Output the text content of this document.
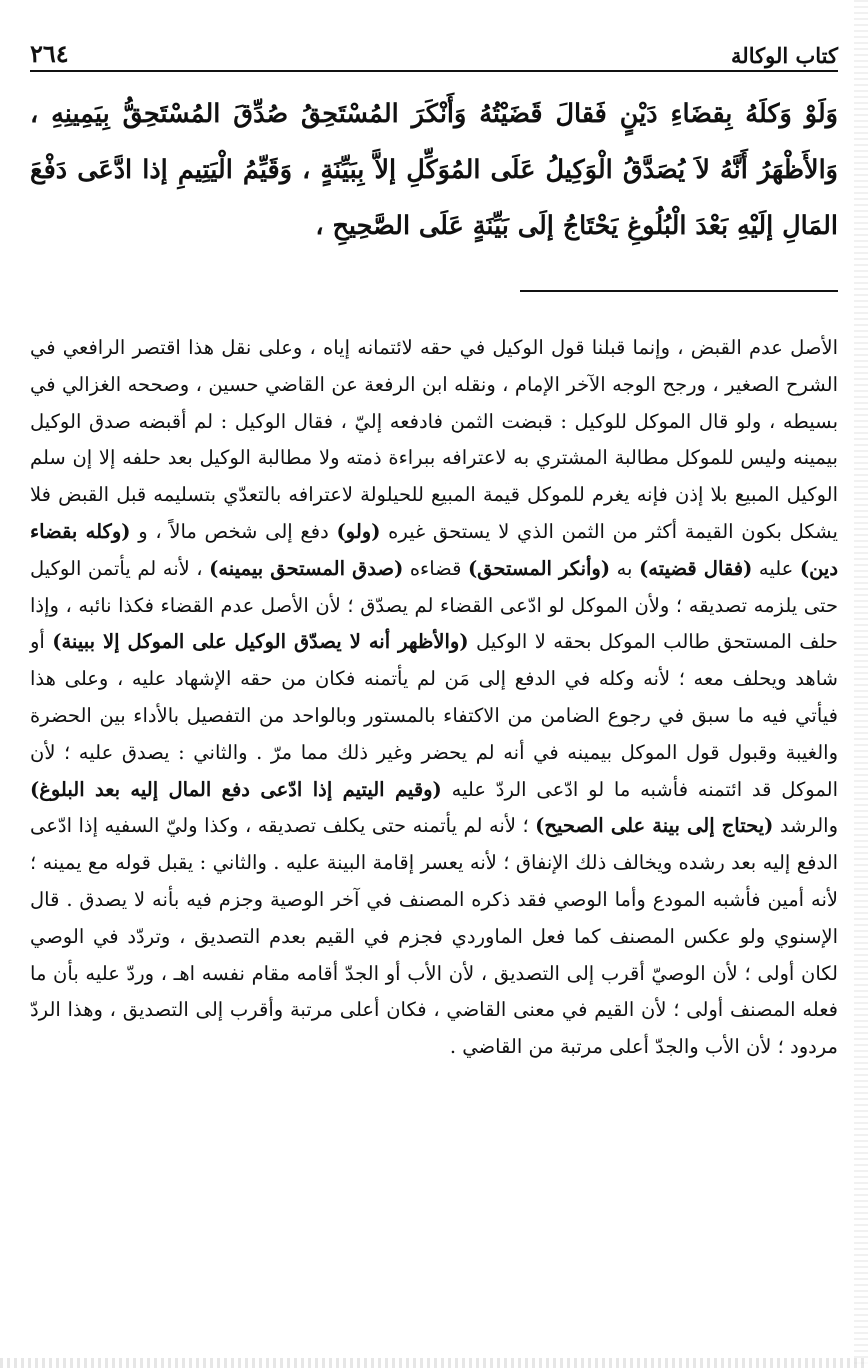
كتاب الوكالة
٢٦٤
وَلَوْ وَكلَهُ بِقضَاءِ دَيْنٍ فَقالَ قَضَيْتُهُ وَأَنْكَرَ المُسْتَحِقُ صُدِّقَ المُسْتَحِقُّ بِيَمِينِهِ ، وَالأَظْهَرُ أَنَّهُ لاَ يُصَدَّقُ الْوَكِيلُ عَلَى المُوَكِّلِ إلاَّ بِبَيِّنَةٍ ، وَقَيِّمُ الْيَتِيمِ إذا ادَّعَى دَفْعَ المَالِ إلَيْهِ بَعْدَ الْبُلُوغِ يَحْتَاجُ إلَى بَيِّنَةٍ عَلَى الصَّحِيحِ ،
الأصل عدم القبض ، وإنما قبلنا قول الوكيل في حقه لائتمانه إياه ، وعلى نقل هذا اقتصر الرافعي في الشرح الصغير ، ورجح الوجه الآخر الإمام ، ونقله ابن الرفعة عن القاضي حسين ، وصححه الغزالي في بسيطه ، ولو قال الموكل للوكيل : قبضت الثمن فادفعه إليّ ، فقال الوكيل : لم أقبضه صدق الوكيل بيمينه وليس للموكل مطالبة المشتري به لاعترافه ببراءة ذمته ولا مطالبة الوكيل بعد حلفه إلا إن سلم الوكيل المبيع بلا إذن فإنه يغرم للموكل قيمة المبيع للحيلولة لاعترافه بالتعدّي بتسليمه قبل القبض فلا يشكل بكون القيمة أكثر من الثمن الذي لا يستحق غيره (ولو) دفع إلى شخص مالاً ، و (وكله بقضاء دين) عليه (فقال قضيته) به (وأنكر المستحق) قضاءه (صدق المستحق بيمينه) ، لأنه لم يأتمن الوكيل حتى يلزمه تصديقه ؛ ولأن الموكل لو ادّعى القضاء لم يصدّق ؛ لأن الأصل عدم القضاء فكذا نائبه ، وإذا حلف المستحق طالب الموكل بحقه لا الوكيل (والأظهر أنه لا يصدّق الوكيل على الموكل إلا ببينة) أو شاهد ويحلف معه ؛ لأنه وكله في الدفع إلى مَن لم يأتمنه فكان من حقه الإشهاد عليه ، وعلى هذا فيأتي فيه ما سبق في رجوع الضامن من الاكتفاء بالمستور وبالواحد من التفصيل بالأداء بين الحضرة والغيبة وقبول قول الموكل بيمينه في أنه لم يحضر وغير ذلك مما مرّ . والثاني : يصدق عليه ؛ لأن الموكل قد ائتمنه فأشبه ما لو ادّعى الردّ عليه (وقيم اليتيم إذا ادّعى دفع المال إليه بعد البلوغ) والرشد (يحتاج إلى بينة على الصحيح) ؛ لأنه لم يأتمنه حتى يكلف تصديقه ، وكذا وليّ السفيه إذا ادّعى الدفع إليه بعد رشده ويخالف ذلك الإنفاق ؛ لأنه يعسر إقامة البينة عليه . والثاني : يقبل قوله مع يمينه ؛ لأنه أمين فأشبه المودع وأما الوصي فقد ذكره المصنف في آخر الوصية وجزم فيه بأنه لا يصدق . قال الإسنوي ولو عكس المصنف كما فعل الماوردي فجزم في القيم بعدم التصديق ، وتردّد في الوصي لكان أولى ؛ لأن الوصيّ أقرب إلى التصديق ، لأن الأب أو الجدّ أقامه مقام نفسه اهـ ، وردّ عليه بأن ما فعله المصنف أولى ؛ لأن القيم في معنى القاضي ، فكان أعلى مرتبة وأقرب إلى التصديق ، وهذا الردّ مردود ؛ لأن الأب والجدّ أعلى مرتبة من القاضي .
